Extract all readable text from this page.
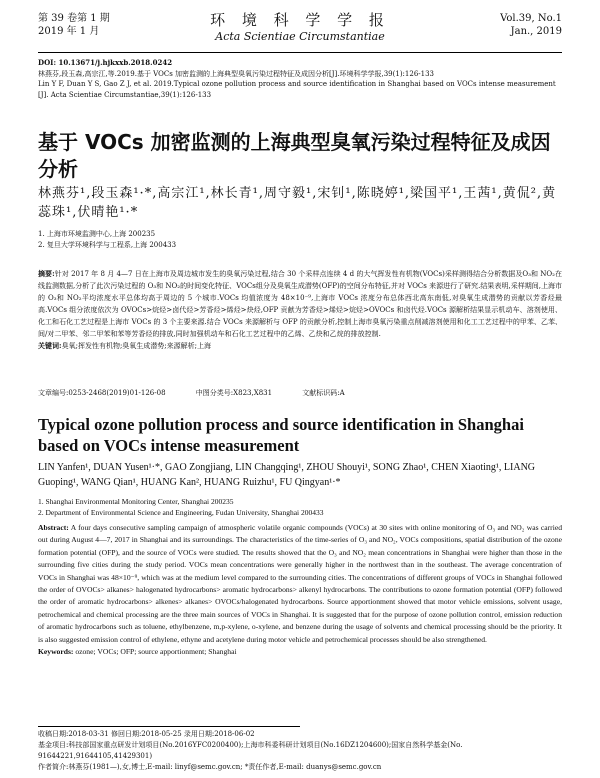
第 39 卷第 1 期
2019 年 1 月
环 境 科 学 学 报
Acta Scientiae Circumstantiae
Vol.39, No.1
Jan., 2019
DOI: 10.13671/j.hjkxxb.2018.0242
林燕芬,段玉森,高宗江,等.2019.基于 VOCs 加密监测的上海典型臭氧污染过程特征及成因分析[J].环境科学学报,39(1):126-133
Lin Y F, Duan Y S, Gao Z J, et al. 2019.Typical ozone pollution process and source identification in Shanghai based on VOCs intense measurement [J]. Acta Scientiae Circumstantiae,39(1):126-133
基于 VOCs 加密监测的上海典型臭氧污染过程特征及成因分析
林燕芬¹,段玉森¹·*,高宗江¹,林长青¹,周守毅¹,宋钊¹,陈晓婷¹,梁国平¹,王茜¹,黄侃²,黄蕊珠¹,伏晴艳¹·*
1. 上海市环境监测中心,上海 200235
2. 复旦大学环境科学与工程系,上海 200433
摘要:针对 2017 年 8 月 4—7 日在上海市及周边城市发生的臭氧污染过程,结合 30 个采样点连续 4 d 的大气挥发性有机物(VOCs)采样测得结合分析数据及O₃和 NO₂在线监测数据,分析了此次污染过程的 O₃和 NO₂的时间变化特征、VOCs组分及臭氧生成潜势(OFP)的空间分布特征,并对 VOCs 来源进行了研究.结果表明,采样期间,上海市的 O₃和 NO₂平均浓度水平总体均高于周边的 5 个城市.VOCs 均值浓度为 48×10⁻⁹,上海市 VOCs 浓度分布总体西北高东南低,对臭氧生成潜势的贡献以芳香烃最高.VOCs 组分浓度依次为 OVOCs>烷烃>卤代烃>芳香烃>烯烃>炔烃,OFP 贡献为芳香烃>烯烃>烷烃>OVOCs 和卤代烃.VOCs 源解析结果显示机动车、溶剂使用、化工和石化工艺过程是上海市 VOCs 的 3 个主要来源.结合 VOCs 来源解析与 OFP 的贡献分析,控制上海市臭氧污染重点削减溶剂使用和化工工艺过程中的甲苯、乙苯、间/对二甲苯、邻二甲苯和苯等芳香烃的排放,同时加强机动车和石化工艺过程中的乙烯、乙炔和乙烷的排放控制.
关键词:臭氧;挥发性有机物;臭氧生成潜势;来源解析;上海
文章编号:0253-2468(2019)01-126-08	中图分类号:X823,X831	文献标识码:A
Typical ozone pollution process and source identification in Shanghai based on VOCs intense measurement
LIN Yanfen¹, DUAN Yusen¹·*, GAO Zongjiang, LIN Changqing¹, ZHOU Shouyi¹, SONG Zhao¹, CHEN Xiaoting¹, LIANG Guoping¹, WANG Qian¹, HUANG Kan², HUANG Ruizhu¹, FU Qingyan¹·*
1. Shanghai Environmental Monitoring Center, Shanghai 200235
2. Department of Environmental Science and Engineering, Fudan University, Shanghai 200433
Abstract: A four days consecutive sampling campaign of atmospheric volatile organic compounds (VOCs) at 30 sites with online monitoring of O₃ and NO₂ was carried out during August 4—7, 2017 in Shanghai and its surroundings. The characteristics of the time-series of O₃ and NO₂, VOCs compositions, spatial distribution of the ozone formation potential (OFP), and the source of VOCs were studied. The results showed that the O₃ and NO₂ mean concentrations in Shanghai were higher than those in the surrounding five cities during the study period. VOCs mean concentrations were generally higher in the northwest than in the southeast. The average concentration of VOCs in Shanghai was 48×10⁻⁹, which was at the medium level compared to the surrounding cities. The concentrations of different groups of VOCs in Shanghai followed the order of OVOCs> alkanes> halogenated hydrocarbons> aromatic hydrocarbons> alkenyl hydrocarbons. The contributions to ozone formation potential (OFP) followed the order of aromatic hydrocarbons> alkenes> alkanes> OVOCs/halogenated hydrocarbons. Source apportionment showed that motor vehicle emissions, solvent usage, petrochemical and chemical processing are the three main sources of VOCs in Shanghai. It is suggested that for the purpose of ozone pollution control, emission reduction of aromatic hydrocarbons such as toluene, ethylbenzene, m,p-xylene, o-xylene, and benzene during the usage of solvents and chemical processing should be the priority. It is also suggested emission control of ethylene, ethyne and acetylene during motor vehicle and petrochemical processes should be also strengthened.
Keywords: ozone; VOCs; OFP; source apportionment; Shanghai
收稿日期:2018-03-31 修回日期:2018-05-25 录用日期:2018-06-02
基金项目:科技部国家重点研发计划项目(No.2016YFC0200400);上海市科委科研计划项目(No.16DZ1204600);国家自然科学基金(No. 91644221,91644105,41429301)
作者简介:林燕芬(1981—),女,博士,E-mail: linyf@semc.gov.cn; *责任作者,E-mail: duanys@semc.gov.cn
